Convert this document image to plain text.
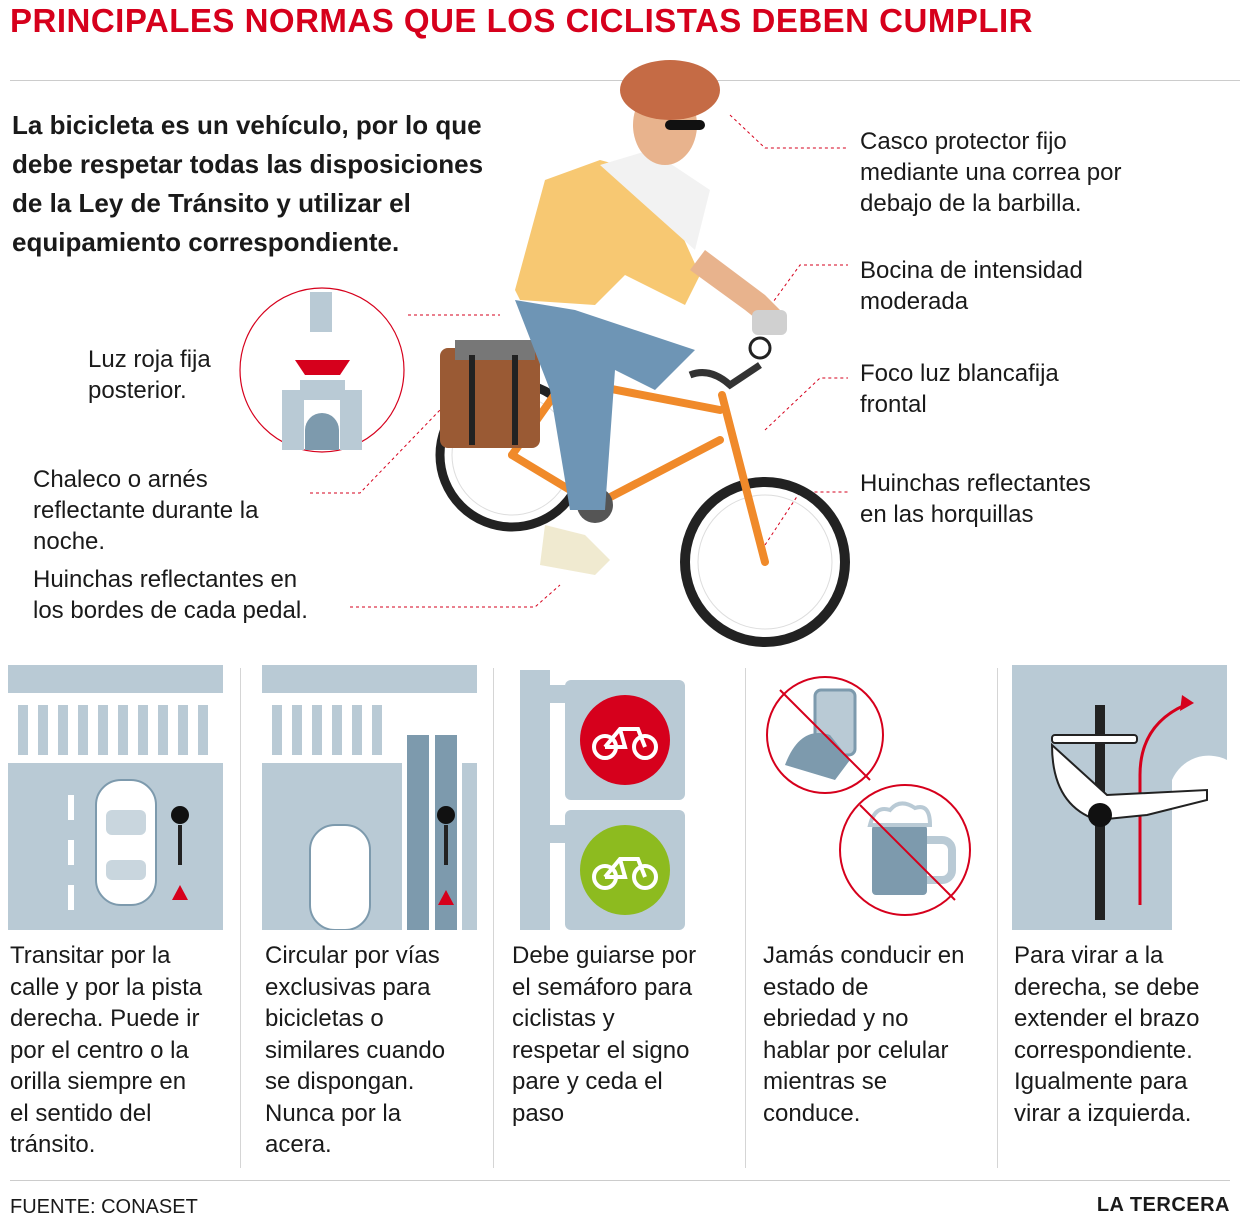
PRINCIPALES NORMAS QUE LOS CICLISTAS DEBEN CUMPLIR
La bicicleta es un vehículo, por lo que debe respetar todas las disposiciones de la Ley de Tránsito y utilizar el equipamiento correspondiente.
Casco protector fijo
mediante una correa por
debajo de la barbilla.
Bocina de intensidad
moderada
Foco luz blancafija
frontal
Huinchas reflectantes
en las horquillas
Luz roja fija
posterior.
Chaleco o arnés
reflectante durante la
noche.
Huinchas reflectantes en
los bordes de cada pedal.
Transitar por la
calle y por la pista
derecha. Puede ir
por el centro o la
orilla siempre en
el sentido del
tránsito.
Circular por vías
exclusivas para
bicicletas o
similares cuando
se dispongan.
Nunca por la
acera.
Debe guiarse por
el semáforo para
ciclistas y
respetar el signo
pare y ceda el
paso
Jamás conducir en
estado de
ebriedad y no
hablar por celular
mientras se
conduce.
Para virar a la
derecha, se debe
extender el brazo
correspondiente.
Igualmente para
virar a izquierda.
FUENTE: CONASET	LA TERCERA
